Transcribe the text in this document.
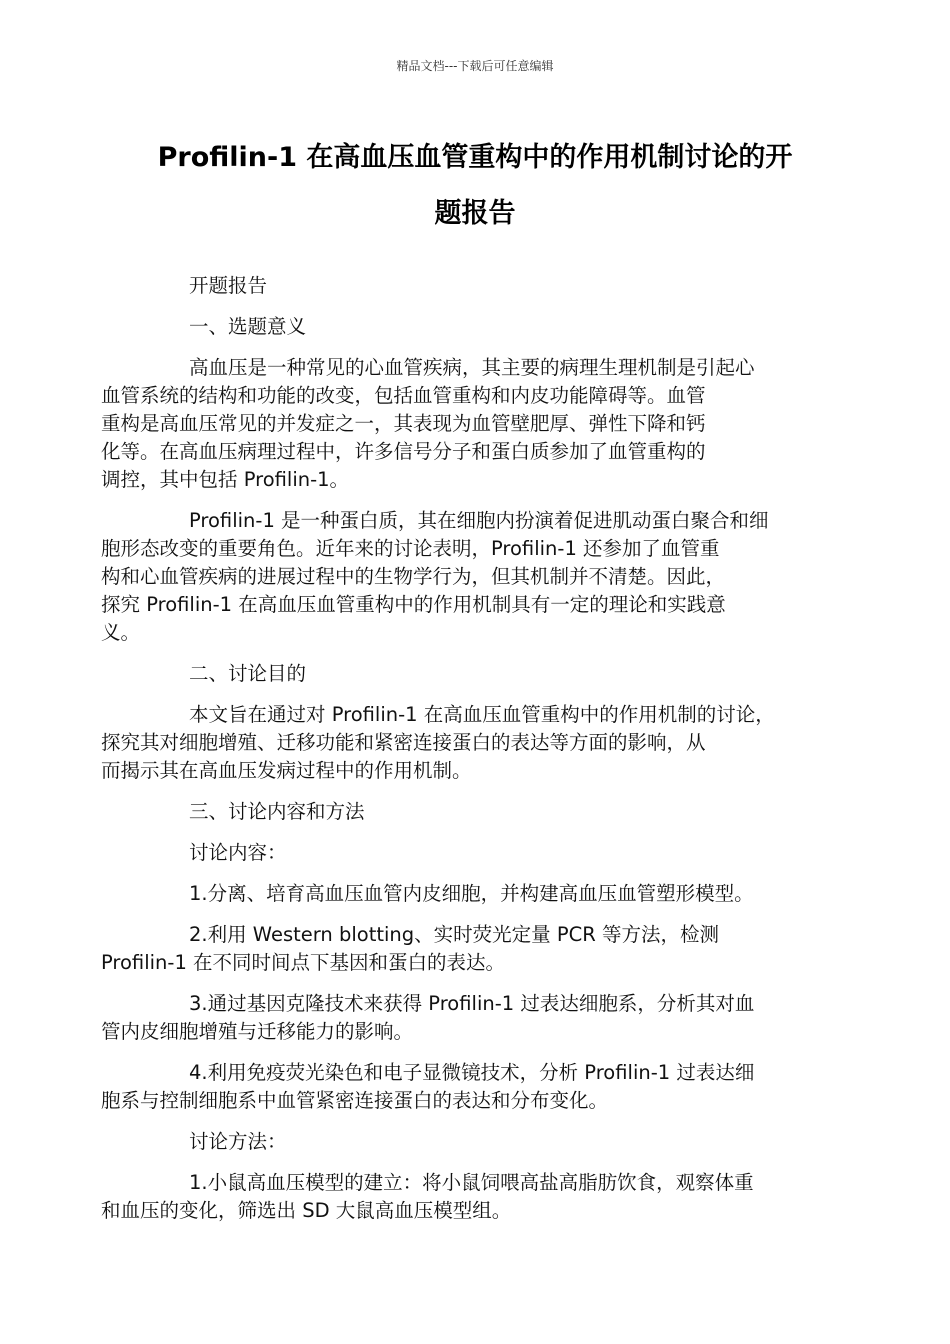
精品文档---下载后可任意编辑
Profilin-1 在高血压血管重构中的作用机制讨论的开
题报告
开题报告
一、选题意义
高血压是一种常见的心血管疾病，其主要的病理生理机制是引起心
血管系统的结构和功能的改变，包括血管重构和内皮功能障碍等。血管
重构是高血压常见的并发症之一，其表现为血管壁肥厚、弹性下降和钙
化等。在高血压病理过程中，许多信号分子和蛋白质参加了血管重构的
调控，其中包括 Profilin-1。
Profilin-1 是一种蛋白质，其在细胞内扮演着促进肌动蛋白聚合和细
胞形态改变的重要角色。近年来的讨论表明，Profilin-1 还参加了血管重
构和心血管疾病的进展过程中的生物学行为，但其机制并不清楚。因此，
探究 Profilin-1 在高血压血管重构中的作用机制具有一定的理论和实践意
义。
二、讨论目的
本文旨在通过对 Profilin-1 在高血压血管重构中的作用机制的讨论，
探究其对细胞增殖、迁移功能和紧密连接蛋白的表达等方面的影响，从
而揭示其在高血压发病过程中的作用机制。
三、讨论内容和方法
讨论内容：
1.分离、培育高血压血管内皮细胞，并构建高血压血管塑形模型。
2.利用 Western blotting、实时荧光定量 PCR 等方法，检测
Profilin-1 在不同时间点下基因和蛋白的表达。
3.通过基因克隆技术来获得 Profilin-1 过表达细胞系，分析其对血
管内皮细胞增殖与迁移能力的影响。
4.利用免疫荧光染色和电子显微镜技术，分析 Profilin-1 过表达细
胞系与控制细胞系中血管紧密连接蛋白的表达和分布变化。
讨论方法：
1.小鼠高血压模型的建立：将小鼠饲喂高盐高脂肪饮食，观察体重
和血压的变化，筛选出 SD 大鼠高血压模型组。
